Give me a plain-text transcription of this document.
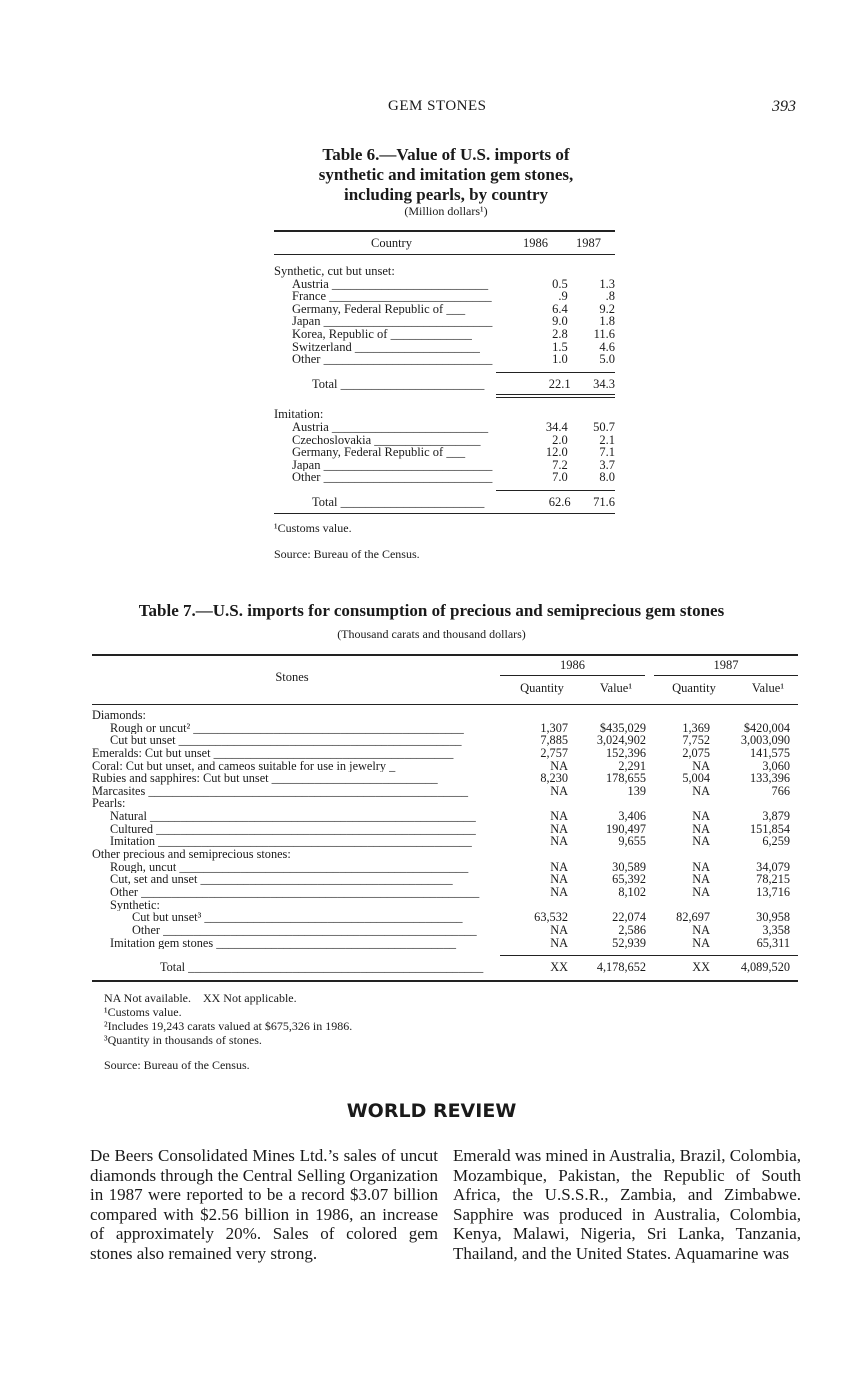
GEM STONES	393
Table 6.—Value of U.S. imports of
synthetic and imitation gem stones,
including pearls, by country
(Million dollars¹)
Country	1986	1987
Synthetic, cut but unset:
Austria _________________________	0.5	1.3
France __________________________	.9	.8
Germany, Federal Republic of ___	6.4	9.2
Japan ___________________________	9.0	1.8
Korea, Republic of _____________	2.8	11.6
Switzerland ____________________	1.5	4.6
Other ___________________________	1.0	5.0
Total _______________________	22.1	34.3
Imitation:
Austria _________________________	34.4	50.7
Czechoslovakia _________________	2.0	2.1
Germany, Federal Republic of ___	12.0	7.1
Japan ___________________________	7.2	3.7
Other ___________________________	7.0	8.0
Total _______________________	62.6	71.6
¹Customs value.
Source: Bureau of the Census.
Table 7.—U.S. imports for consumption of precious and semiprecious gem stones
(Thousand carats and thousand dollars)
Stones
1986	1987
Quantity	Value¹	Quantity	Value¹
Diamonds:
Rough or uncut² ____________________________________________	1,307	$435,029	1,369	$420,004
Cut but unset ______________________________________________	7,885	3,024,902	7,752	3,003,090
Emeralds: Cut but unset _______________________________________	2,757	152,396	2,075	141,575
Coral: Cut but unset, and cameos suitable for use in jewelry _	NA	2,291	NA	3,060
Rubies and sapphires: Cut but unset ___________________________	8,230	178,655	5,004	133,396
Marcasites ____________________________________________________	NA	139	NA	766
Pearls:
Natural _____________________________________________________	NA	3,406	NA	3,879
Cultured ____________________________________________________	NA	190,497	NA	151,854
Imitation ___________________________________________________	NA	9,655	NA	6,259
Other precious and semiprecious stones:
Rough, uncut _______________________________________________	NA	30,589	NA	34,079
Cut, set and unset _________________________________________	NA	65,392	NA	78,215
Other _______________________________________________________	NA	8,102	NA	13,716
Synthetic:
Cut but unset³ __________________________________________	63,532	22,074	82,697	30,958
Other ___________________________________________________	NA	2,586	NA	3,358
Imitation gem stones _______________________________________	NA	52,939	NA	65,311
Total ________________________________________________	XX	4,178,652	XX	4,089,520
NA Not available.    XX Not applicable.
¹Customs value.
²Includes 19,243 carats valued at $675,326 in 1986.
³Quantity in thousands of stones.
Source: Bureau of the Census.
WORLD REVIEW
De Beers Consolidated Mines Ltd.’s sales of uncut diamonds through the Central Selling Organization in 1987 were reported to be a record $3.07 billion compared with $2.56 billion in 1986, an increase of approximately 20%. Sales of colored gem stones also remained very strong.
Emerald was mined in Australia, Brazil, Colombia, Mozambique, Pakistan, the Republic of South Africa, the U.S.S.R., Zambia, and Zimbabwe. Sapphire was produced in Australia, Colombia, Kenya, Malawi, Nigeria, Sri Lanka, Tanzania, Thailand, and the United States. Aquamarine was
